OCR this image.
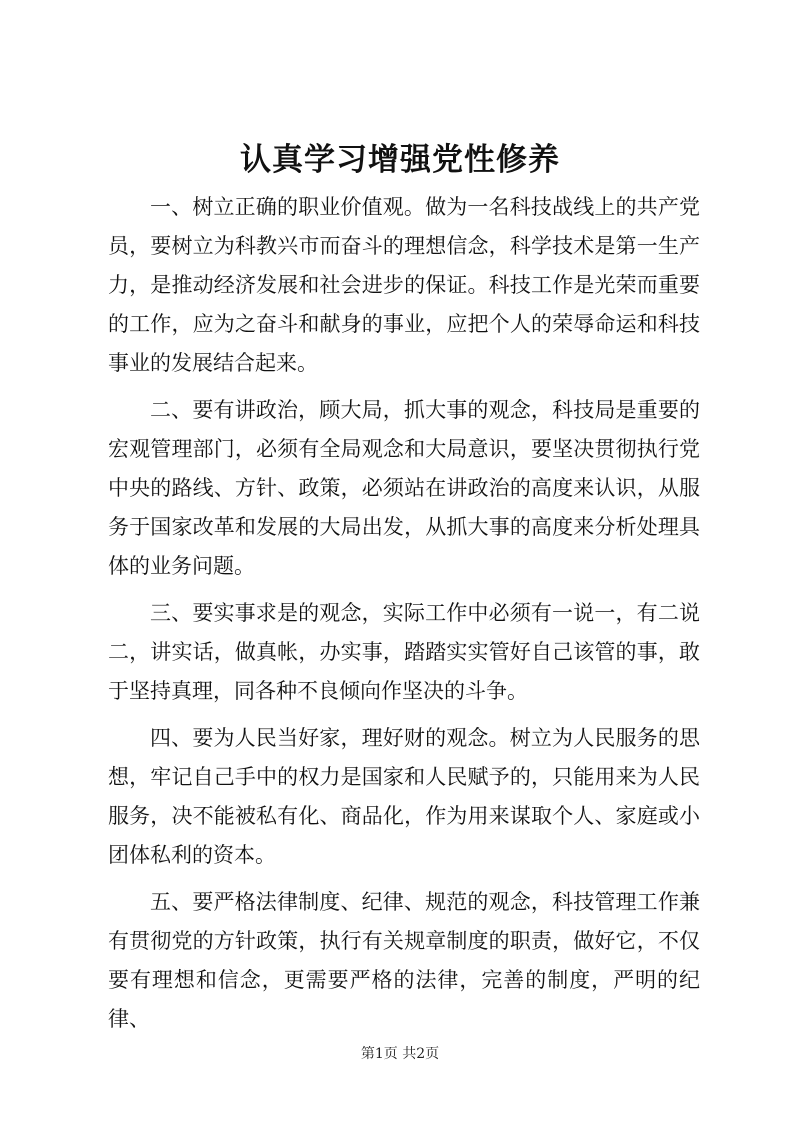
认真学习增强党性修养

一、树立正确的职业价值观。做为一名科技战线上的共产党员，要树立为科教兴市而奋斗的理想信念，科学技术是第一生产力，是推动经济发展和社会进步的保证。科技工作是光荣而重要的工作，应为之奋斗和献身的事业，应把个人的荣辱命运和科技事业的发展结合起来。

二、要有讲政治，顾大局，抓大事的观念，科技局是重要的宏观管理部门，必须有全局观念和大局意识，要坚决贯彻执行党中央的路线、方针、政策，必须站在讲政治的高度来认识，从服务于国家改革和发展的大局出发，从抓大事的高度来分析处理具体的业务问题。

三、要实事求是的观念，实际工作中必须有一说一，有二说二，讲实话，做真帐，办实事，踏踏实实管好自己该管的事，敢于坚持真理，同各种不良倾向作坚决的斗争。

四、要为人民当好家，理好财的观念。树立为人民服务的思想，牢记自己手中的权力是国家和人民赋予的，只能用来为人民服务，决不能被私有化、商品化，作为用来谋取个人、家庭或小团体私利的资本。

五、要严格法律制度、纪律、规范的观念，科技管理工作兼有贯彻党的方针政策，执行有关规章制度的职责，做好它，不仅要有理想和信念，更需要严格的法律，完善的制度，严明的纪律、

第1页 共2页
